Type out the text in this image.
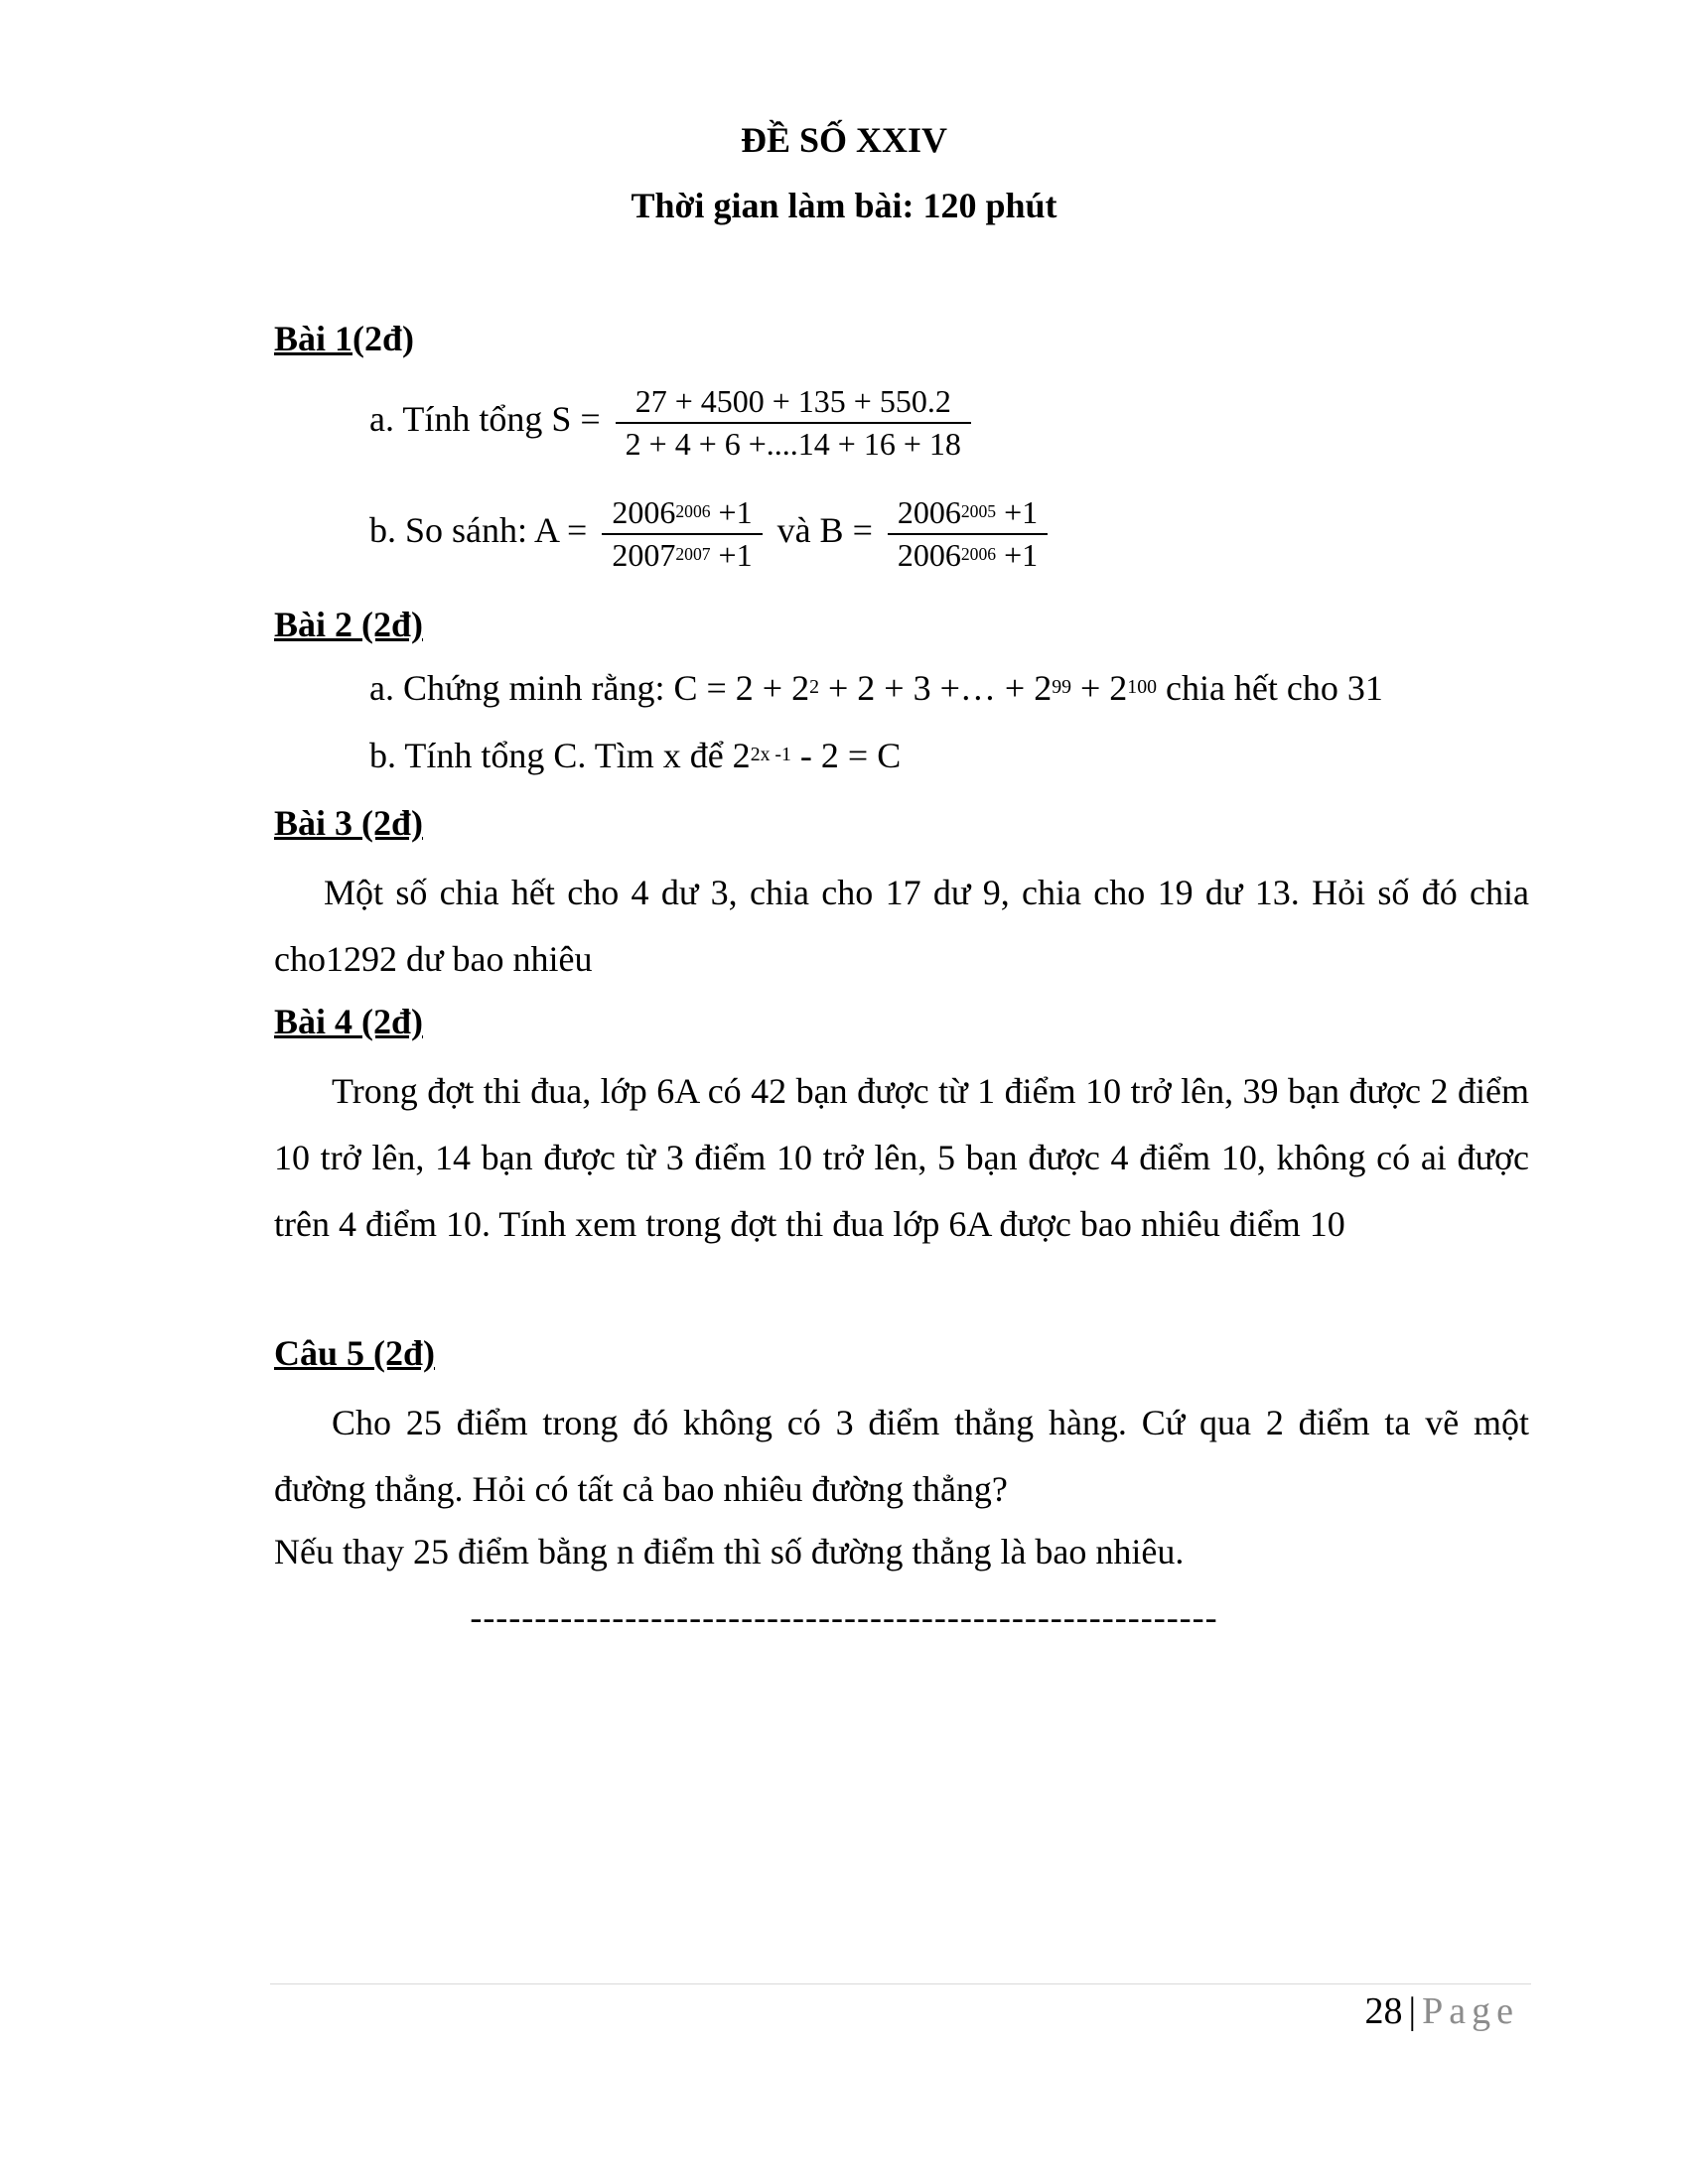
ĐỀ SỐ XXIV
Thời gian làm bài: 120 phút
Bài 1(2đ)
a. Tính tổng $S = \frac{27 + 4500 + 135 + 550.2}{2 + 4 + 6 +....14 + 16 + 18}$
b. So sánh: $A = \frac{2006^{2006} +1}{2007^{2007} +1}$ và $B = \frac{2006^{2005} +1}{2006^{2006} +1}$
Bài 2 (2đ)
a. Chứng minh rằng: $C = 2 + 2^2 + 2 + 3$ +… + $2^{99} + 2^{100}$ chia hết cho 31
b. Tính tổng C. Tìm x để $2^{2x -1} - 2 = C$
Bài 3 (2đ)
Một số chia hết cho 4 dư 3, chia cho 17 dư 9, chia cho 19 dư 13. Hỏi số đó chia cho1292 dư bao nhiêu
Bài 4 (2đ)
Trong đợt thi đua, lớp 6A có 42 bạn được từ 1 điểm 10 trở lên, 39 bạn được 2 điểm 10 trở lên, 14 bạn được từ 3 điểm 10 trở lên, 5 bạn được 4 điểm 10, không có ai được trên 4 điểm 10. Tính xem trong đợt thi đua lớp 6A được bao nhiêu điểm 10
Câu 5 (2đ)
Cho 25 điểm trong đó không có 3 điểm thẳng hàng. Cứ qua 2 điểm ta vẽ một đường thẳng. Hỏi có tất cả bao nhiêu đường thẳng?
Nếu thay 25 điểm bằng n điểm thì số đường thẳng là bao nhiêu.
----------------------------------------------------------
28 | Page
